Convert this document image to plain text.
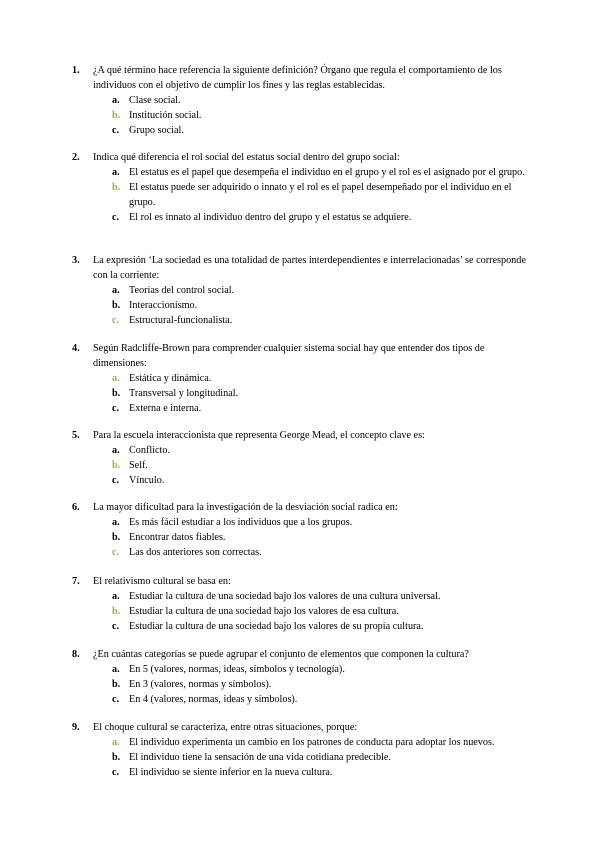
1. ¿A qué término hace referencia la siguiente definición? Órgano que regula el comportamiento de los individuos con el objetivo de cumplir los fines y las reglas establecidas.
a. Clase social.
b. Institución social.
c. Grupo social.
2. Indica qué diferencia el rol social del estatus social dentro del grupo social:
a. El estatus es el papel que desempeña el individuo en el grupo y el rol es el asignado por el grupo.
b. El estatus puede ser adquirido o innato y el rol es el papel desempeñado por el individuo en el grupo.
c. El rol es innato al individuo dentro del grupo y el estatus se adquiere.
3. La expresión ‘La sociedad es una totalidad de partes interdependientes e interrelacionadas’ se corresponde con la corriente:
a. Teorías del control social.
b. Interaccionismo.
c. Estructural-funcionalista.
4. Según Radcliffe-Brown para comprender cualquier sistema social hay que entender dos tipos de dimensiones:
a. Estática y dinámica.
b. Transversal y longitudinal.
c. Externa e interna.
5. Para la escuela interaccionista que representa George Mead, el concepto clave es:
a. Conflicto.
b. Self.
c. Vínculo.
6. La mayor dificultad para la investigación de la desviación social radica en:
a. Es más fácil estudiar a los individuos que a los grupos.
b. Encontrar datos fiables.
c. Las dos anteriores son correctas.
7. El relativismo cultural se basa en:
a. Estudiar la cultura de una sociedad bajo los valores de una cultura universal.
b. Estudiar la cultura de una sociedad bajo los valores de esa cultura.
c. Estudiar la cultura de una sociedad bajo los valores de su propia cultura.
8. ¿En cuántas categorías se puede agrupar el conjunto de elementos que componen la cultura?
a. En 5 (valores, normas, ideas, símbolos y tecnología).
b. En 3 (valores, normas y símbolos).
c. En 4 (valores, normas, ideas y símbolos).
9. El choque cultural se caracteriza, entre otras situaciones, porque:
a. El individuo experimenta un cambio en los patrones de conducta para adoptar los nuevos.
b. El individuo tiene la sensación de una vida cotidiana predecible.
c. El individuo se siente inferior en la nueva cultura.
